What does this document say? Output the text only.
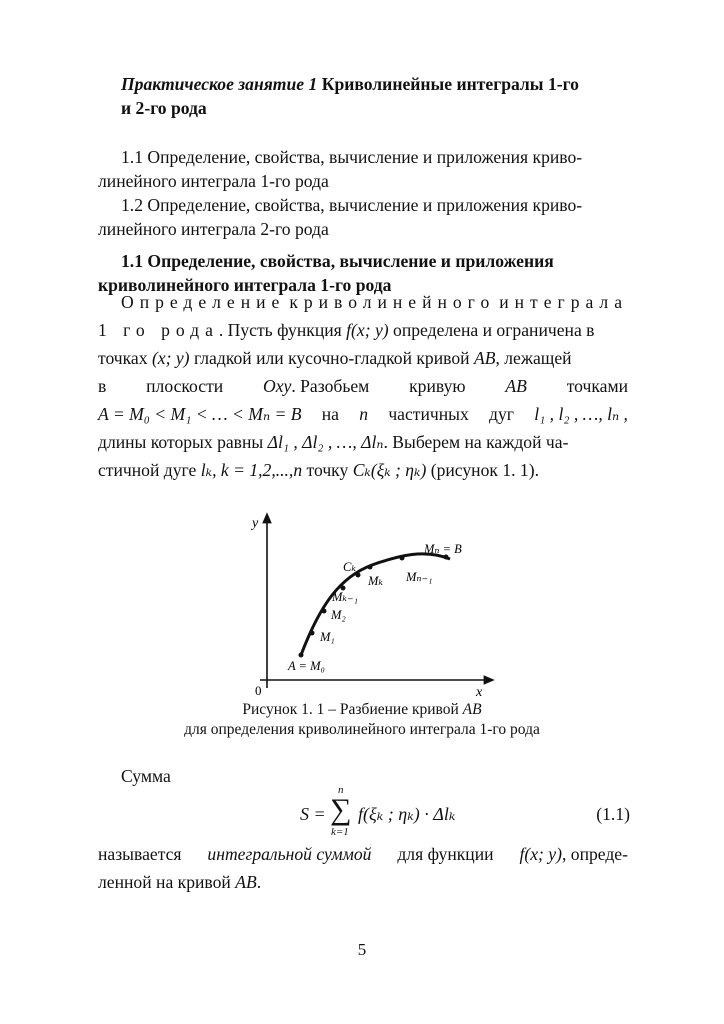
Практическое занятие 1 Криволинейные интегралы 1-го
и 2-го рода

1.1 Определение, свойства, вычисление и приложения криво-
линейного интеграла 1-го рода

1.2 Определение, свойства, вычисление и приложения криво-
линейного интеграла 2-го рода

1.1 Определение, свойства, вычисление и приложения
криволинейного интеграла 1-го рода

Определение криволинейного интеграла
1 го рода. Пусть функция f(x; y) определена и ограничена в
точках (x; y) гладкой или кусочно-гладкой кривой AB, лежащей
в плоскости Oxy. Разобьем кривую AB точками
A = M₀ < M₁ < … < Mₙ = B на n частичных дуг l₁ , l₂ , …, lₙ ,
длины которых равны Δl₁ , Δl₂ , …, Δlₙ. Выберем на каждой ча-
стичной дуге lₖ, k = 1,2,...,n точку Cₖ(ξₖ ; ηₖ) (рисунок 1. 1).
y
x
0
A = M₀
M₁
M₂
Mₖ₋₁
Cₖ
Mₖ Mₙ₋₁
Mₙ = B
Рисунок 1. 1 – Разбиение кривой AB
для определения криволинейного интеграла 1-го рода

Сумма

S =
n
∑
k=1
f(ξₖ ; ηₖ) · Δlₖ	(1.1)
называется интегральной суммой для функции f(x; y), опреде-
ленной на кривой AB.
5
